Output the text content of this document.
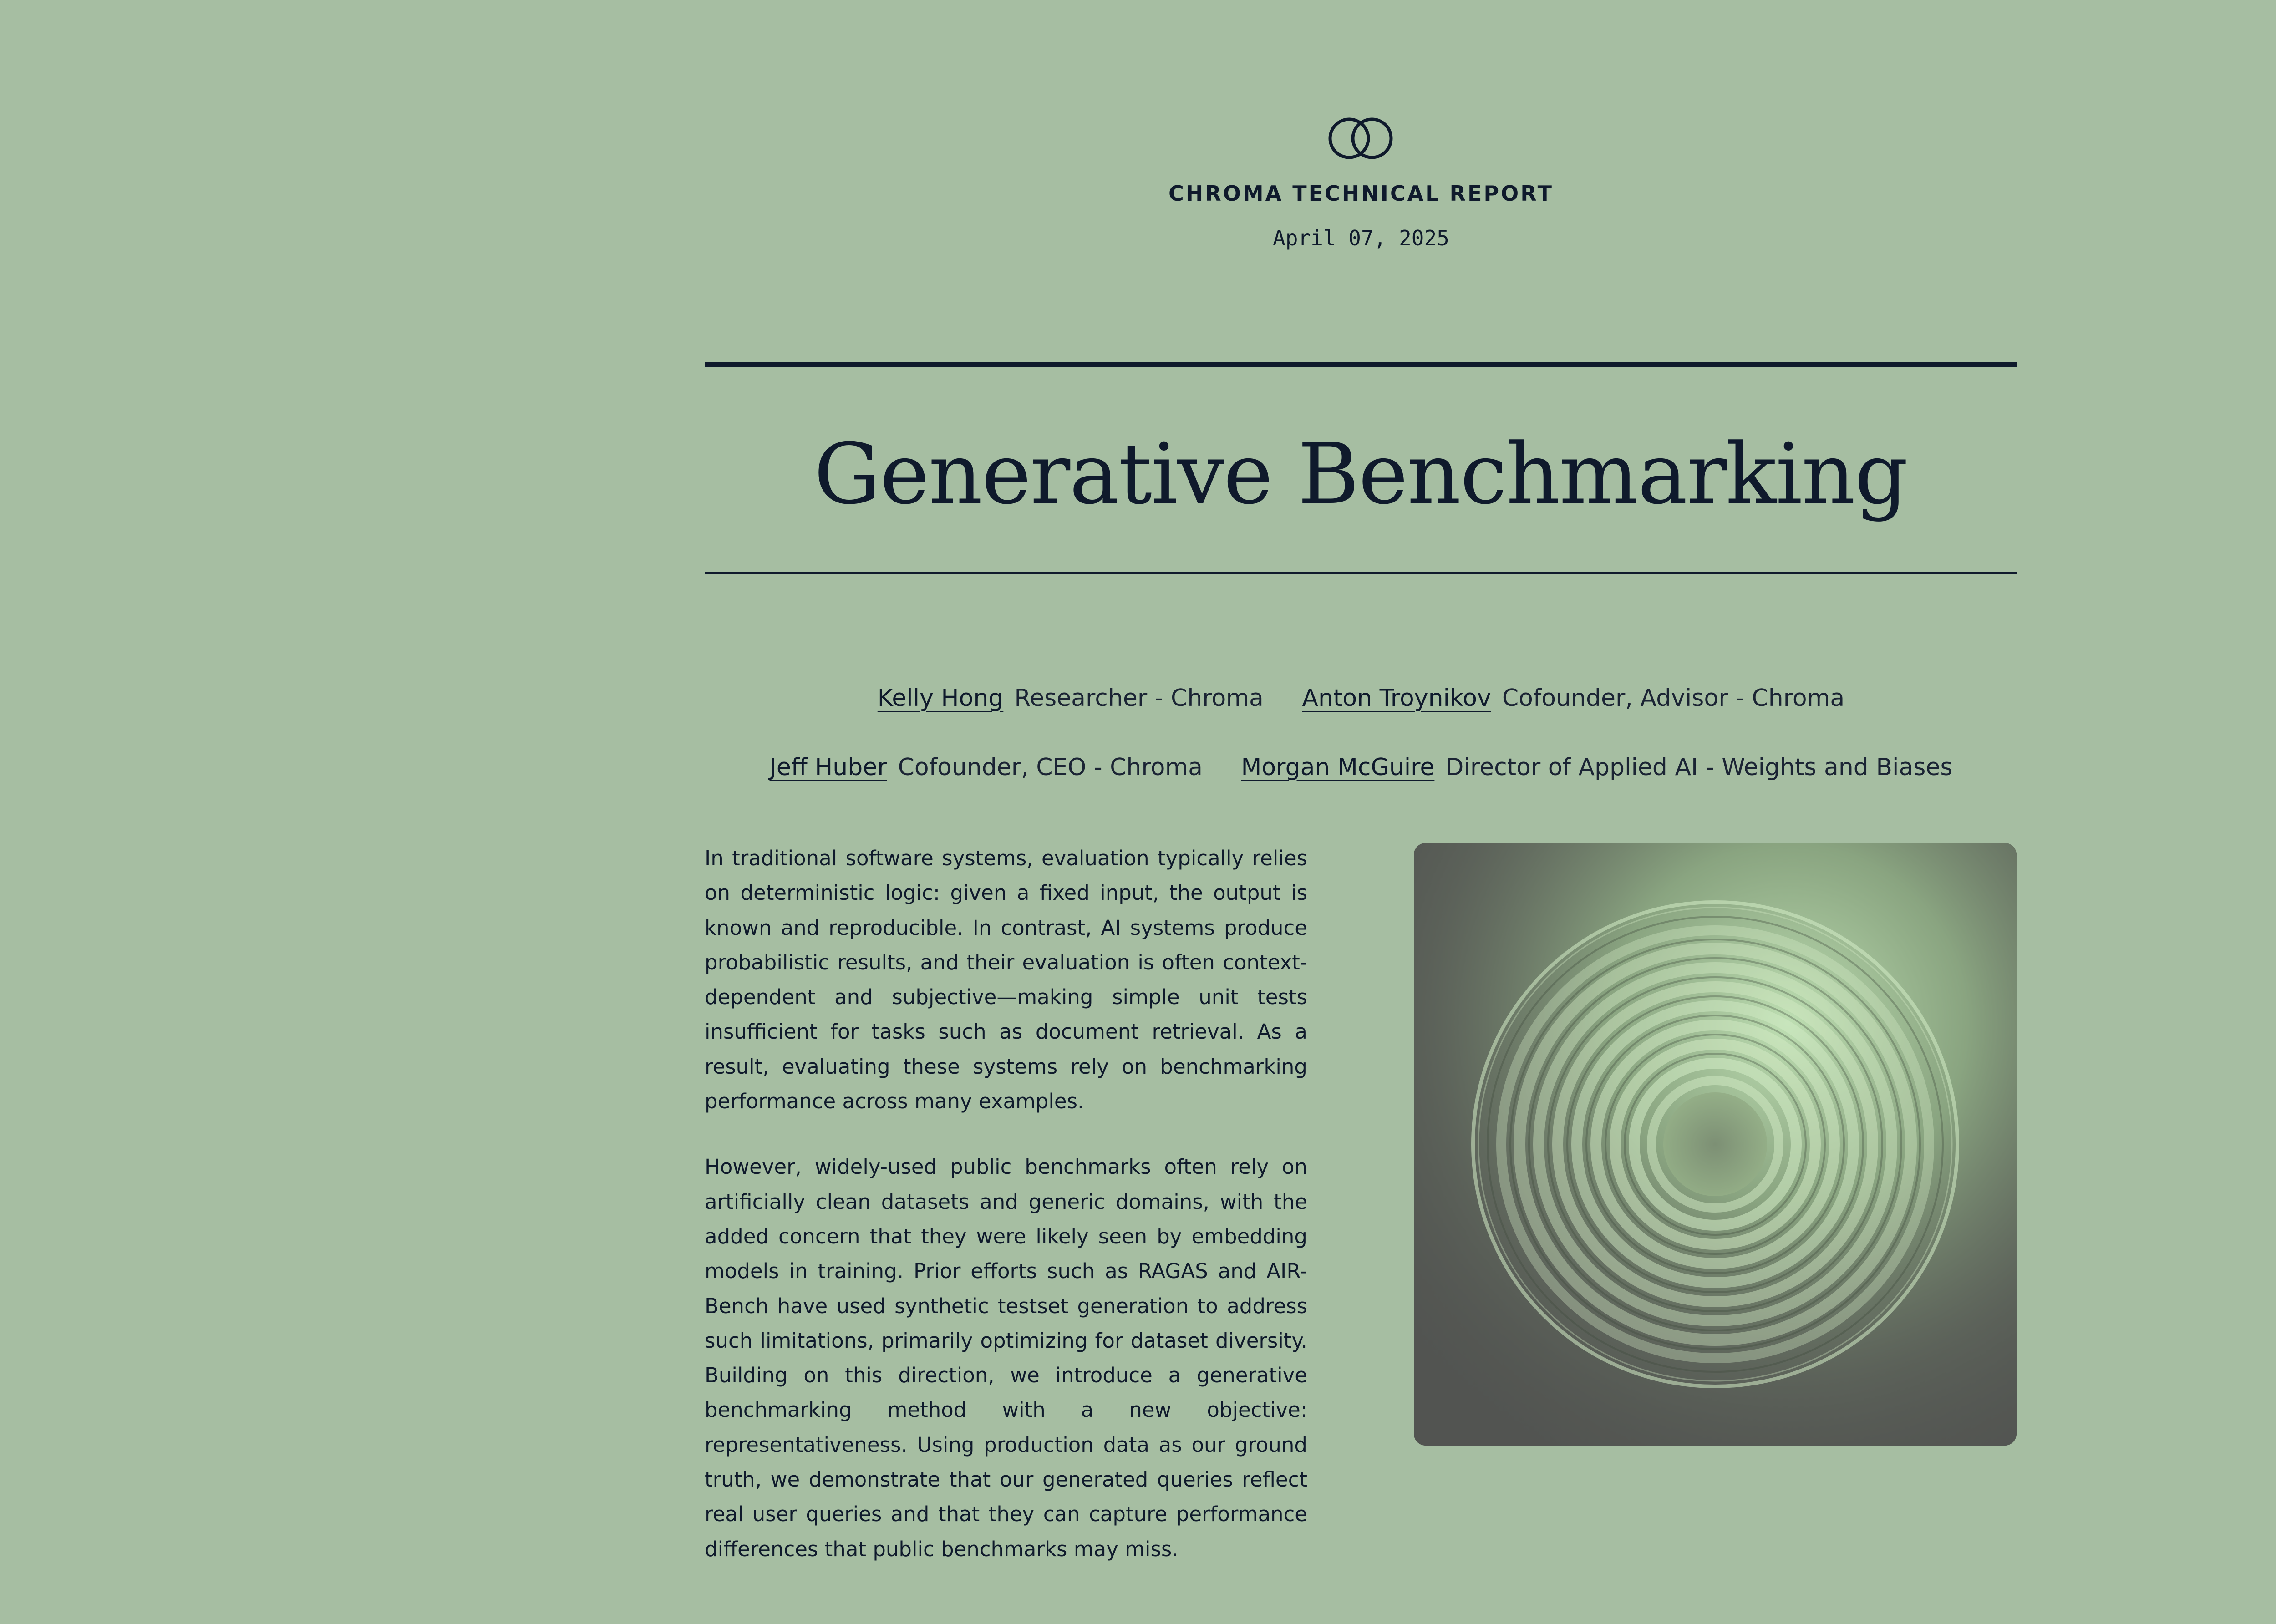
CHROMA TECHNICAL REPORT
April 07, 2025
Generative Benchmarking
Kelly Hong Researcher - Chroma Anton Troynikov Cofounder, Advisor - Chroma
Jeff Huber Cofounder, CEO - Chroma Morgan McGuire Director of Applied AI - Weights and Biases

In traditional software systems, evaluation typically relies on deterministic logic: given a fixed input, the output is known and reproducible. In contrast, AI systems produce probabilistic results, and their evaluation is often context-dependent and subjective—making simple unit tests insufficient for tasks such as document retrieval. As a result, evaluating these systems rely on benchmarking performance across many examples.

However, widely-used public benchmarks often rely on artificially clean datasets and generic domains, with the added concern that they were likely seen by embedding models in training. Prior efforts such as RAGAS and AIR-Bench have used synthetic testset generation to address such limitations, primarily optimizing for dataset diversity. Building on this direction, we introduce a generative benchmarking method with a new objective: representativeness. Using production data as our ground truth, we demonstrate that our generated queries reflect real user queries and that they can capture performance differences that public benchmarks may miss.
